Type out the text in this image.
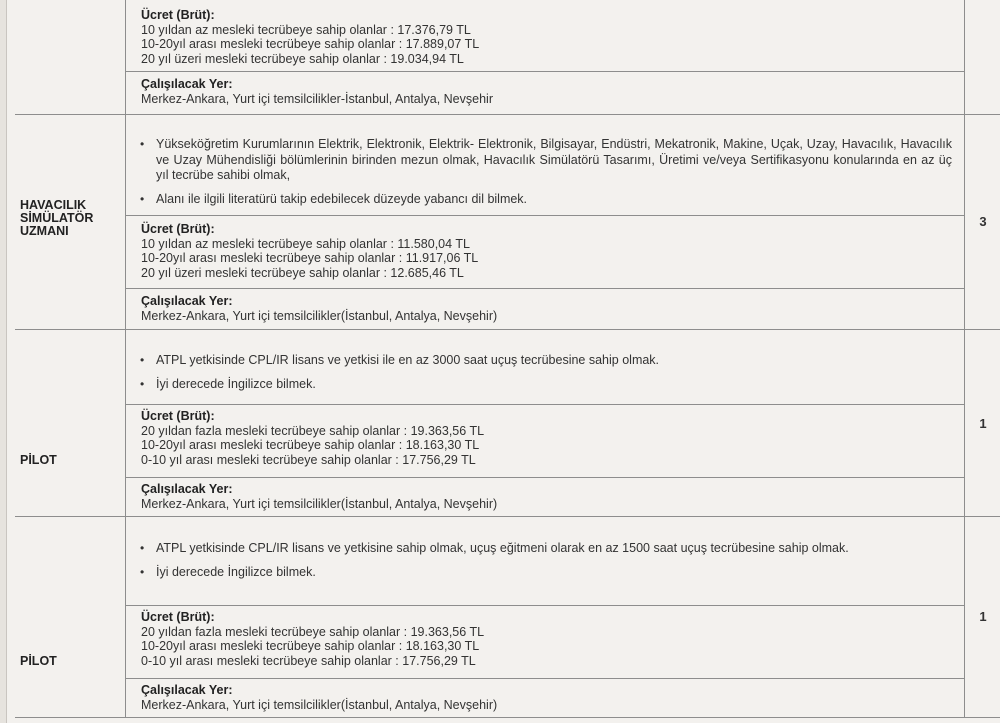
Ücret (Brüt):
10 yıldan az mesleki tecrübeye sahip olanlar : 17.376,79 TL
10-20yıl arası mesleki tecrübeye sahip olanlar : 17.889,07 TL
20 yıl üzeri mesleki tecrübeye sahip olanlar : 19.034,94 TL
Çalışılacak Yer:
Merkez-Ankara, Yurt içi temsilcilikler-İstanbul, Antalya, Nevşehir
HAVACILIK SİMÜLATÖR UZMANI
3
• Yükseköğretim Kurumlarının Elektrik, Elektronik, Elektrik- Elektronik, Bilgisayar, Endüstri, Mekatronik, Makine, Uçak, Uzay, Havacılık, Havacılık ve Uzay Mühendisliği bölümlerinin birinden mezun olmak, Havacılık Simülatörü Tasarımı, Üretimi ve/veya Sertifikasyonu konularında en az üç yıl tecrübe sahibi olmak,
• Alanı ile ilgili literatürü takip edebilecek düzeyde yabancı dil bilmek.
Ücret (Brüt):
10 yıldan az mesleki tecrübeye sahip olanlar : 11.580,04 TL
10-20yıl arası mesleki tecrübeye sahip olanlar : 11.917,06 TL
20 yıl üzeri mesleki tecrübeye sahip olanlar : 12.685,46 TL
Çalışılacak Yer:
Merkez-Ankara, Yurt içi temsilcilikler(İstanbul, Antalya, Nevşehir)
PİLOT
1
• ATPL yetkisinde CPL/IR lisans ve yetkisi ile en az 3000 saat uçuş tecrübesine sahip olmak.
• İyi derecede İngilizce bilmek.
Ücret (Brüt):
20 yıldan fazla mesleki tecrübeye sahip olanlar : 19.363,56 TL
10-20yıl arası mesleki tecrübeye sahip olanlar : 18.163,30 TL
0-10 yıl arası mesleki tecrübeye sahip olanlar : 17.756,29 TL
Çalışılacak Yer:
Merkez-Ankara, Yurt içi temsilcilikler(İstanbul, Antalya, Nevşehir)
PİLOT
1
• ATPL yetkisinde CPL/IR lisans ve yetkisine sahip olmak, uçuş eğitmeni olarak en az 1500 saat uçuş tecrübesine sahip olmak.
• İyi derecede İngilizce bilmek.
Ücret (Brüt):
20 yıldan fazla mesleki tecrübeye sahip olanlar : 19.363,56 TL
10-20yıl arası mesleki tecrübeye sahip olanlar : 18.163,30 TL
0-10 yıl arası mesleki tecrübeye sahip olanlar : 17.756,29 TL
Çalışılacak Yer:
Merkez-Ankara, Yurt içi temsilcilikler(İstanbul, Antalya, Nevşehir)
